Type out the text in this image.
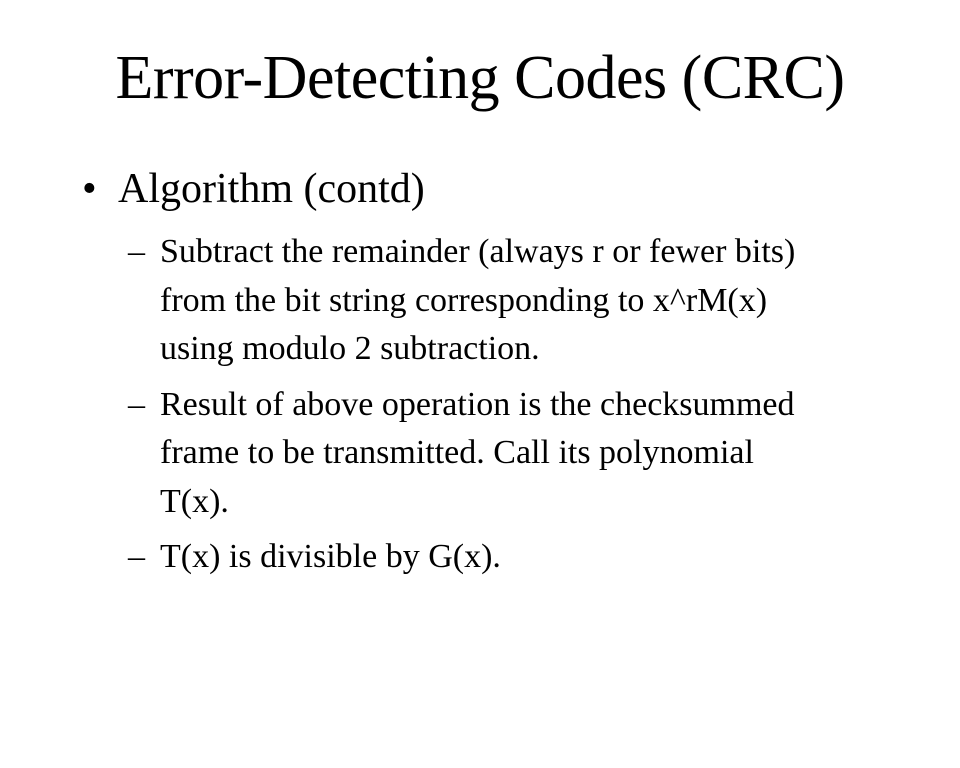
Error-Detecting Codes (CRC)
• Algorithm (contd)
– Subtract the remainder (always r or fewer bits)
from the bit string corresponding to x^rM(x)
using modulo 2 subtraction.
– Result of above operation is the checksummed
frame to be transmitted. Call its polynomial
T(x).
– T(x) is divisible by G(x).
